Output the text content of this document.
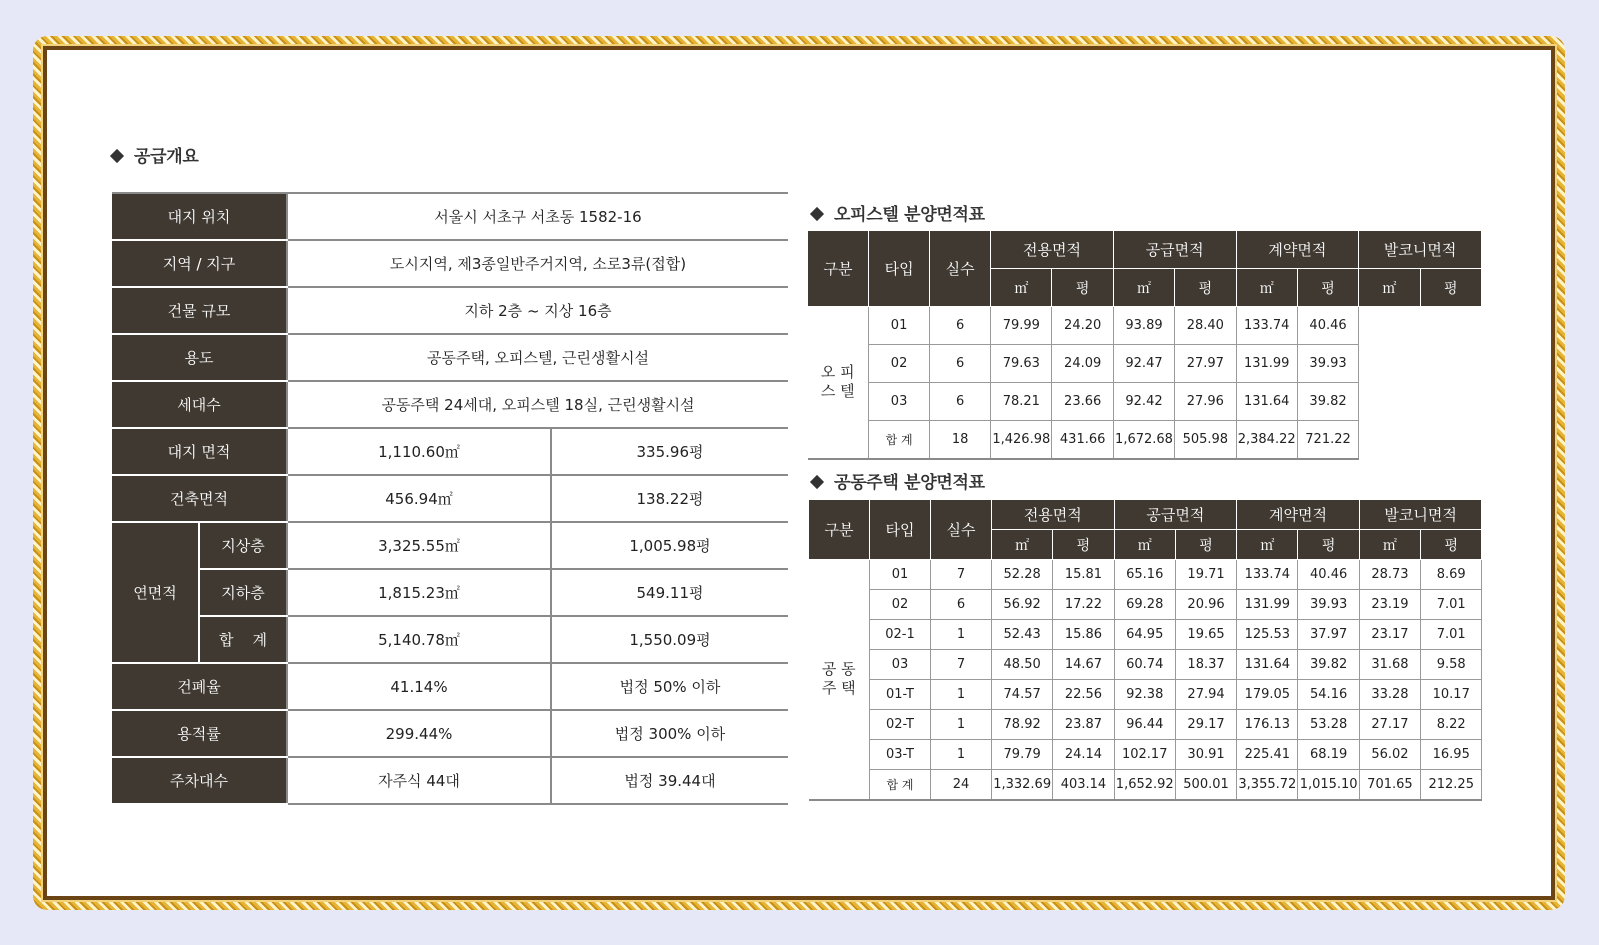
공급개요
대지 위치		서울시 서초구 서초동 1582-16	
지역 / 지구		도시지역, 제3종일반주거지역, 소로3류(접합)	
건물 규모		지하 2층 ~ 지상 16층	
용도		공동주택, 오피스텔, 근린생활시설	
세대수		공동주택 24세대, 오피스텔 18실, 근린생활시설	
대지 면적		1,110.60㎡	335.96평
건축면적		456.94㎡	138.22평
연면적	지상층	3,325.55㎡	1,005.98평
	지하층	1,815.23㎡	549.11평
	합    계	5,140.78㎡	1,550.09평
건폐율		41.14%	법정 50% 이하
용적률		299.44%	법정 300% 이하
주차대수		자주식 44대	법정 39.44대
오피스텔 분양면적표
구분	타입	실수	전용면적		공급면적		계약면적		발코니면적	
			㎡	평	㎡	평	㎡	평	㎡	평
오 피
스 텔	01	6	79.99	24.20	93.89	28.40	133.74	40.46		
	02	6	79.63	24.09	92.47	27.97	131.99	39.93		
	03	6	78.21	23.66	92.42	27.96	131.64	39.82		
	합 계	18	1,426.98	431.66	1,672.68	505.98	2,384.22	721.22		
공동주택 분양면적표
구분	타입	실수	전용면적		공급면적		계약면적		발코니면적	
			㎡	평	㎡	평	㎡	평	㎡	평
공 동
주 택	01	7	52.28	15.81	65.16	19.71	133.74	40.46	28.73	8.69
	02	6	56.92	17.22	69.28	20.96	131.99	39.93	23.19	7.01
	02-1	1	52.43	15.86	64.95	19.65	125.53	37.97	23.17	7.01
	03	7	48.50	14.67	60.74	18.37	131.64	39.82	31.68	9.58
	01-T	1	74.57	22.56	92.38	27.94	179.05	54.16	33.28	10.17
	02-T	1	78.92	23.87	96.44	29.17	176.13	53.28	27.17	8.22
	03-T	1	79.79	24.14	102.17	30.91	225.41	68.19	56.02	16.95
	합 계	24	1,332.69	403.14	1,652.92	500.01	3,355.72	1,015.10	701.65	212.25
